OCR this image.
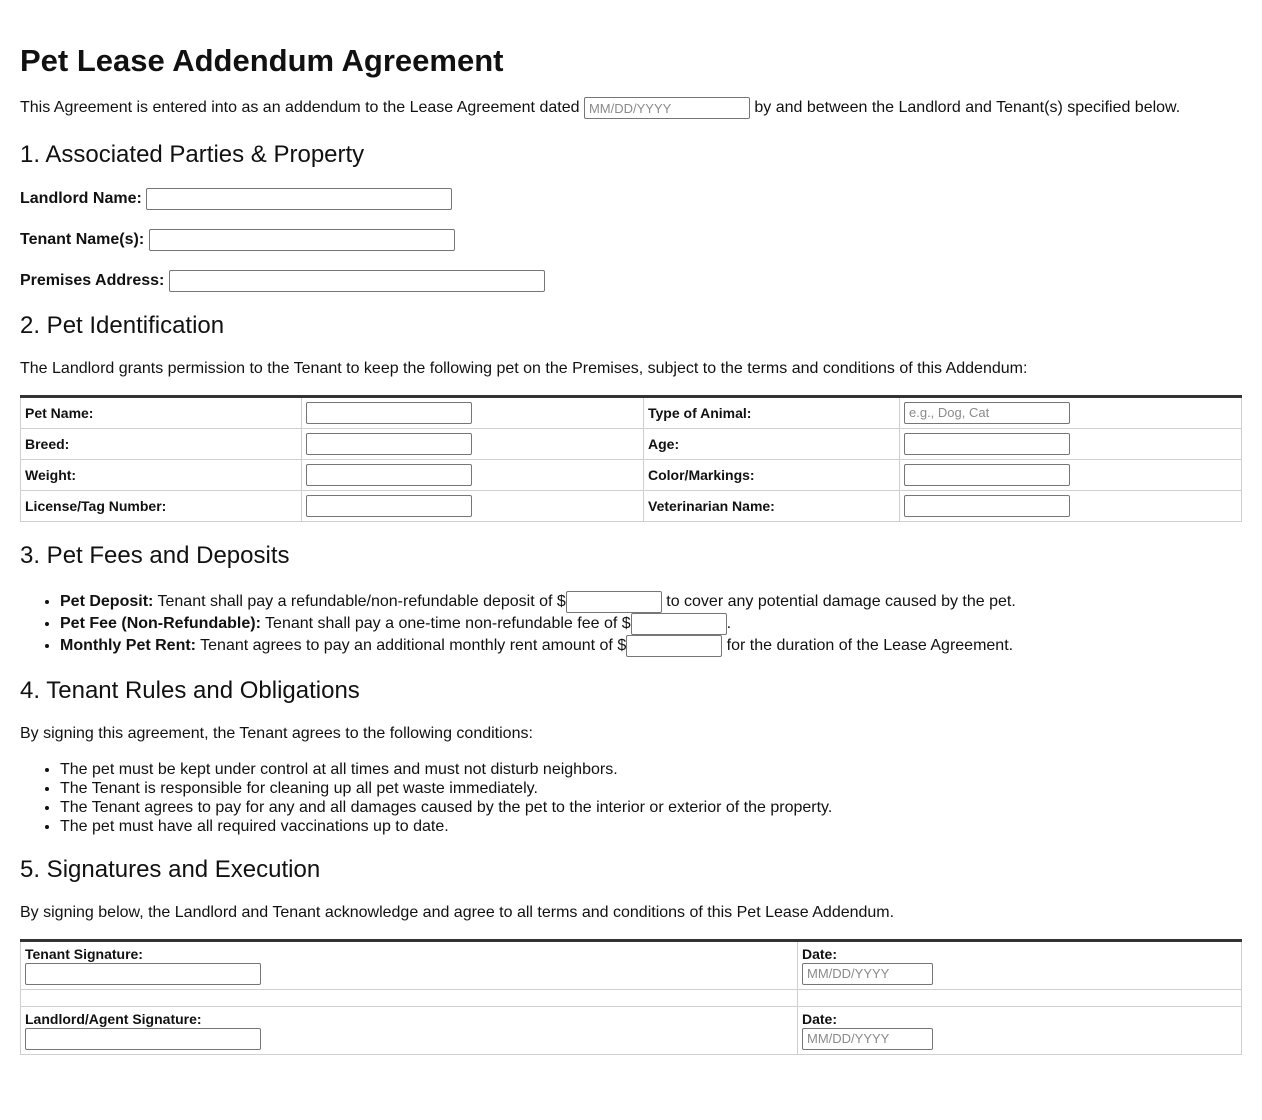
Pet Lease Addendum Agreement

This Agreement is entered into as an addendum to the Lease Agreement dated MM/DD/YYYY	by and between the Landlord and Tenant(s) specified below.

1. Associated Parties & Property
Landlord Name:
Tenant Name(s):
Premises Address:
2. Pet Identification

The Landlord grants permission to the Tenant to keep the following pet on the Premises, subject to the terms and conditions of this Addendum:

Pet Name:		Type of Animal:	e.g., Dog, Cat
Breed:		Age:	
Weight:		Color/Markings:	
License/Tag Number:		Veterinarian Name:	
3. Pet Fees and Deposits
• Pet Deposit: Tenant shall pay a refundable/non-refundable deposit of $	to cover any potential damage caused by the pet.
• Pet Fee (Non-Refundable): Tenant shall pay a one-time non-refundable fee of $	.
• Monthly Pet Rent: Tenant agrees to pay an additional monthly rent amount of $	for the duration of the Lease Agreement.
4. Tenant Rules and Obligations

By signing this agreement, the Tenant agrees to the following conditions:

• The pet must be kept under control at all times and must not disturb neighbors.
• The Tenant is responsible for cleaning up all pet waste immediately.
• The Tenant agrees to pay for any and all damages caused by the pet to the interior or exterior of the property.
• The pet must have all required vaccinations up to date.
5. Signatures and Execution

By signing below, the Landlord and Tenant acknowledge and agree to all terms and conditions of this Pet Lease Addendum.

Tenant Signature:	Date:
MM/DD/YYYY

Landlord/Agent Signature:	Date:
MM/DD/YYYY
